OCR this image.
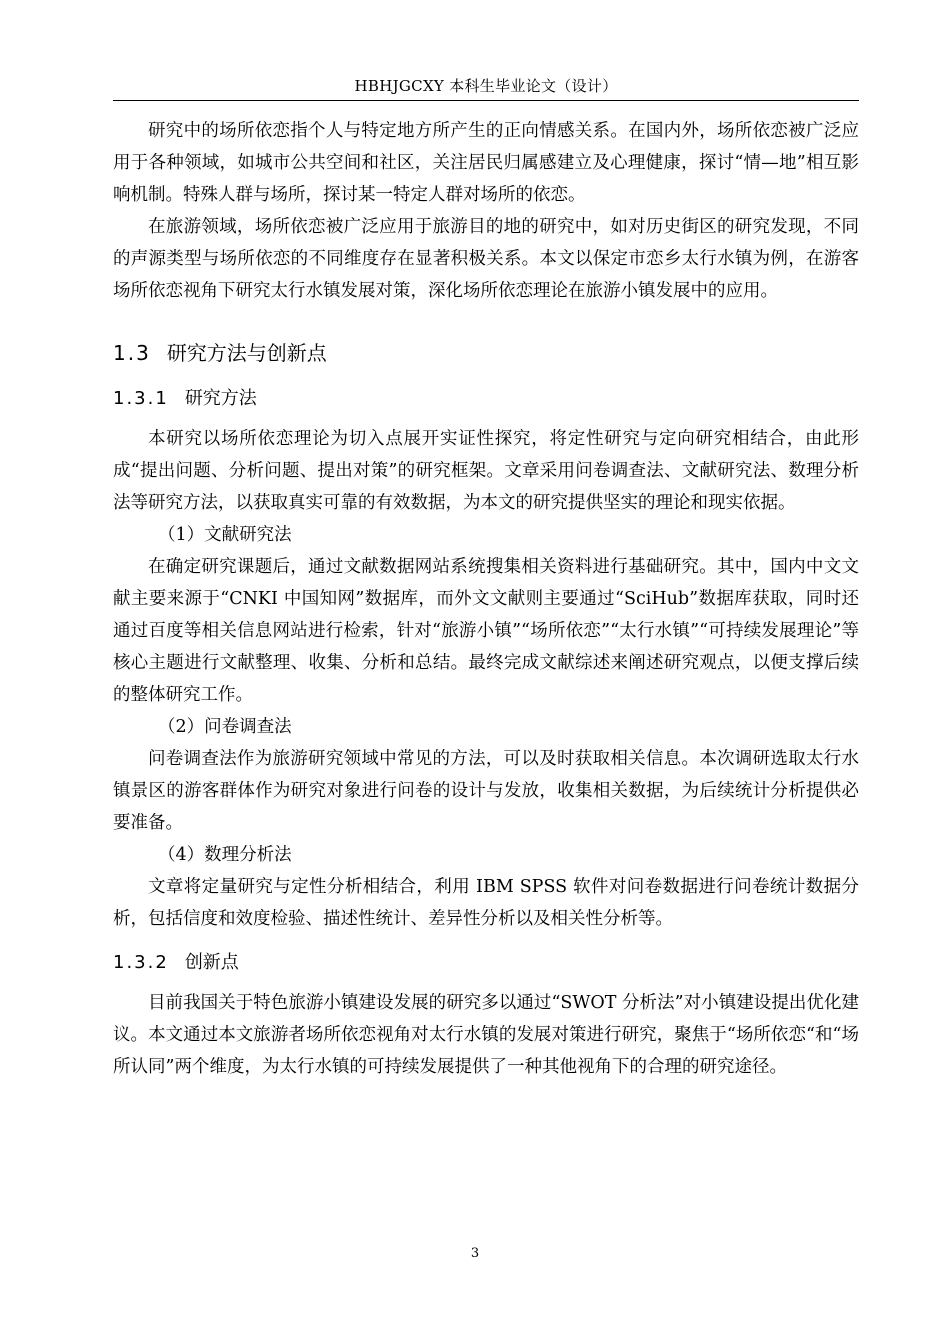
HBHJGCXY 本科生毕业论文（设计）

研究中的场所依恋指个人与特定地方所产生的正向情感关系。在国内外，场所依恋被广泛应用于各种领域，如城市公共空间和社区，关注居民归属感建立及心理健康，探讨“情—地”相互影响机制。特殊人群与场所，探讨某一特定人群对场所的依恋。

在旅游领域，场所依恋被广泛应用于旅游目的地的研究中，如对历史街区的研究发现，不同的声源类型与场所依恋的不同维度存在显著积极关系。本文以保定市恋乡太行水镇为例，在游客场所依恋视角下研究太行水镇发展对策，深化场所依恋理论在旅游小镇发展中的应用。

1.3 研究方法与创新点
1.3.1 研究方法

本研究以场所依恋理论为切入点展开实证性探究，将定性研究与定向研究相结合，由此形成“提出问题、分析问题、提出对策”的研究框架。文章采用问卷调查法、文献研究法、数理分析法等研究方法，以获取真实可靠的有效数据，为本文的研究提供坚实的理论和现实依据。

（1）文献研究法

在确定研究课题后，通过文献数据网站系统搜集相关资料进行基础研究。其中，国内中文文献主要来源于“CNKI 中国知网”数据库，而外文文献则主要通过“SciHub”数据库获取，同时还通过百度等相关信息网站进行检索，针对“旅游小镇”“场所依恋”“太行水镇”“可持续发展理论”等核心主题进行文献整理、收集、分析和总结。最终完成文献综述来阐述研究观点，以便支撑后续的整体研究工作。

（2）问卷调查法

问卷调查法作为旅游研究领域中常见的方法，可以及时获取相关信息。本次调研选取太行水镇景区的游客群体作为研究对象进行问卷的设计与发放，收集相关数据，为后续统计分析提供必要准备。

（4）数理分析法

文章将定量研究与定性分析相结合，利用 IBM SPSS 软件对问卷数据进行问卷统计数据分析，包括信度和效度检验、描述性统计、差异性分析以及相关性分析等。

1.3.2 创新点

目前我国关于特色旅游小镇建设发展的研究多以通过“SWOT 分析法”对小镇建设提出优化建议。本文通过本文旅游者场所依恋视角对太行水镇的发展对策进行研究，聚焦于“场所依恋“和“场所认同”两个维度，为太行水镇的可持续发展提供了一种其他视角下的合理的研究途径。

3
